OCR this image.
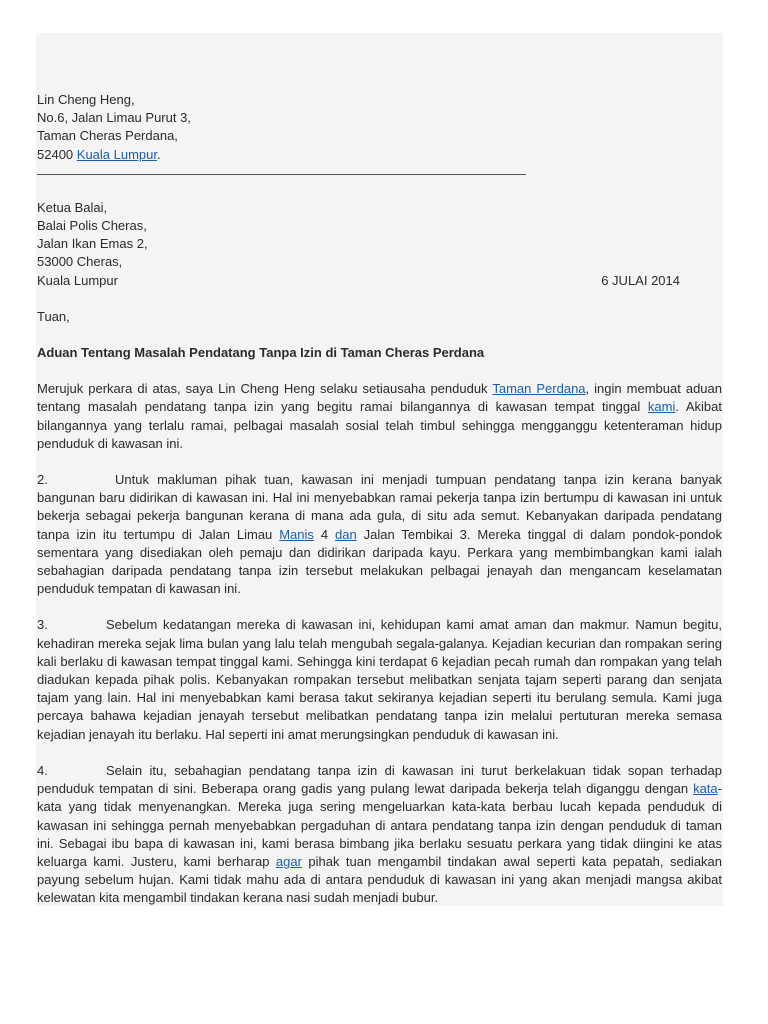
Lin Cheng Heng,
No.6, Jalan Limau Purut 3,
Taman Cheras Perdana,
52400 Kuala Lumpur.
Ketua Balai,
Balai Polis Cheras,
Jalan Ikan Emas 2,
53000 Cheras,
Kuala Lumpur	6 JULAI 2014
Tuan,
Aduan Tentang Masalah Pendatang Tanpa Izin di Taman Cheras Perdana

Merujuk perkara di atas, saya Lin Cheng Heng selaku setiausaha penduduk Taman Perdana, ingin membuat aduan tentang masalah pendatang tanpa izin yang begitu ramai bilangannya di kawasan tempat tinggal kami. Akibat bilangannya yang terlalu ramai, pelbagai masalah sosial telah timbul sehingga mengganggu ketenteraman hidup penduduk di kawasan ini.

2.	Untuk makluman pihak tuan, kawasan ini menjadi tumpuan pendatang tanpa izin kerana banyak bangunan baru didirikan di kawasan ini. Hal ini menyebabkan ramai pekerja tanpa izin bertumpu di kawasan ini untuk bekerja sebagai pekerja bangunan kerana di mana ada gula, di situ ada semut. Kebanyakan daripada pendatang tanpa izin itu tertumpu di Jalan Limau Manis 4 dan Jalan Tembikai 3. Mereka tinggal di dalam pondok-pondok sementara yang disediakan oleh pemaju dan didirikan daripada kayu. Perkara yang membimbangkan kami ialah sebahagian daripada pendatang tanpa izin tersebut melakukan pelbagai jenayah dan mengancam keselamatan penduduk tempatan di kawasan ini.

3.	Sebelum kedatangan mereka di kawasan ini, kehidupan kami amat aman dan makmur. Namun begitu, kehadiran mereka sejak lima bulan yang lalu telah mengubah segala-galanya. Kejadian kecurian dan rompakan sering kali berlaku di kawasan tempat tinggal kami. Sehingga kini terdapat 6 kejadian pecah rumah dan rompakan yang telah diadukan kepada pihak polis. Kebanyakan rompakan tersebut melibatkan senjata tajam seperti parang dan senjata tajam yang lain. Hal ini menyebabkan kami berasa takut sekiranya kejadian seperti itu berulang semula. Kami juga percaya bahawa kejadian jenayah tersebut melibatkan pendatang tanpa izin melalui pertuturan mereka semasa kejadian jenayah itu berlaku. Hal seperti ini amat merungsingkan penduduk di kawasan ini.

4.	Selain itu, sebahagian pendatang tanpa izin di kawasan ini turut berkelakuan tidak sopan terhadap penduduk tempatan di sini. Beberapa orang gadis yang pulang lewat daripada bekerja telah diganggu dengan kata-kata yang tidak menyenangkan. Mereka juga sering mengeluarkan kata-kata berbau lucah kepada penduduk di kawasan ini sehingga pernah menyebabkan pergaduhan di antara pendatang tanpa izin dengan penduduk di taman ini. Sebagai ibu bapa di kawasan ini, kami berasa bimbang jika berlaku sesuatu perkara yang tidak diingini ke atas keluarga kami. Justeru, kami berharap agar pihak tuan mengambil tindakan awal seperti kata pepatah, sediakan payung sebelum hujan. Kami tidak mahu ada di antara penduduk di kawasan ini yang akan menjadi mangsa akibat kelewatan kita mengambil tindakan kerana nasi sudah menjadi bubur.
